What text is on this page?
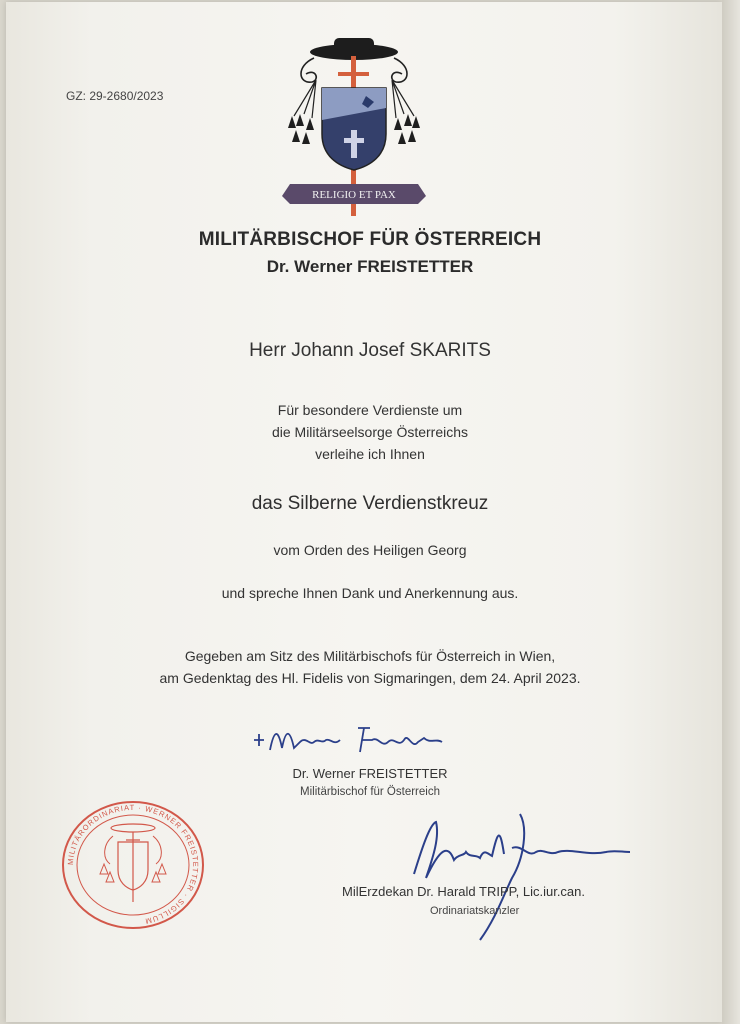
GZ: 29-2680/2023
RELIGIO ET PAX
MILITÄRBISCHOF FÜR ÖSTERREICH
Dr. Werner FREISTETTER
Herr Johann Josef SKARITS
Für besondere Verdienste um
die Militärseelsorge Österreichs
verleihe ich Ihnen
das Silberne Verdienstkreuz
vom Orden des Heiligen Georg
und spreche Ihnen Dank und Anerkennung aus.
Gegeben am Sitz des Militärbischofs für Österreich in Wien,
am Gedenktag des Hl. Fidelis von Sigmaringen, dem 24. April 2023.
Dr. Werner FREISTETTER
Militärbischof für Österreich
MILITÄRORDINARIAT · WERNER FREISTETTER · SIGILLUM
MilErzdekan Dr. Harald TRIPP, Lic.iur.can.
Ordinariatskanzler
